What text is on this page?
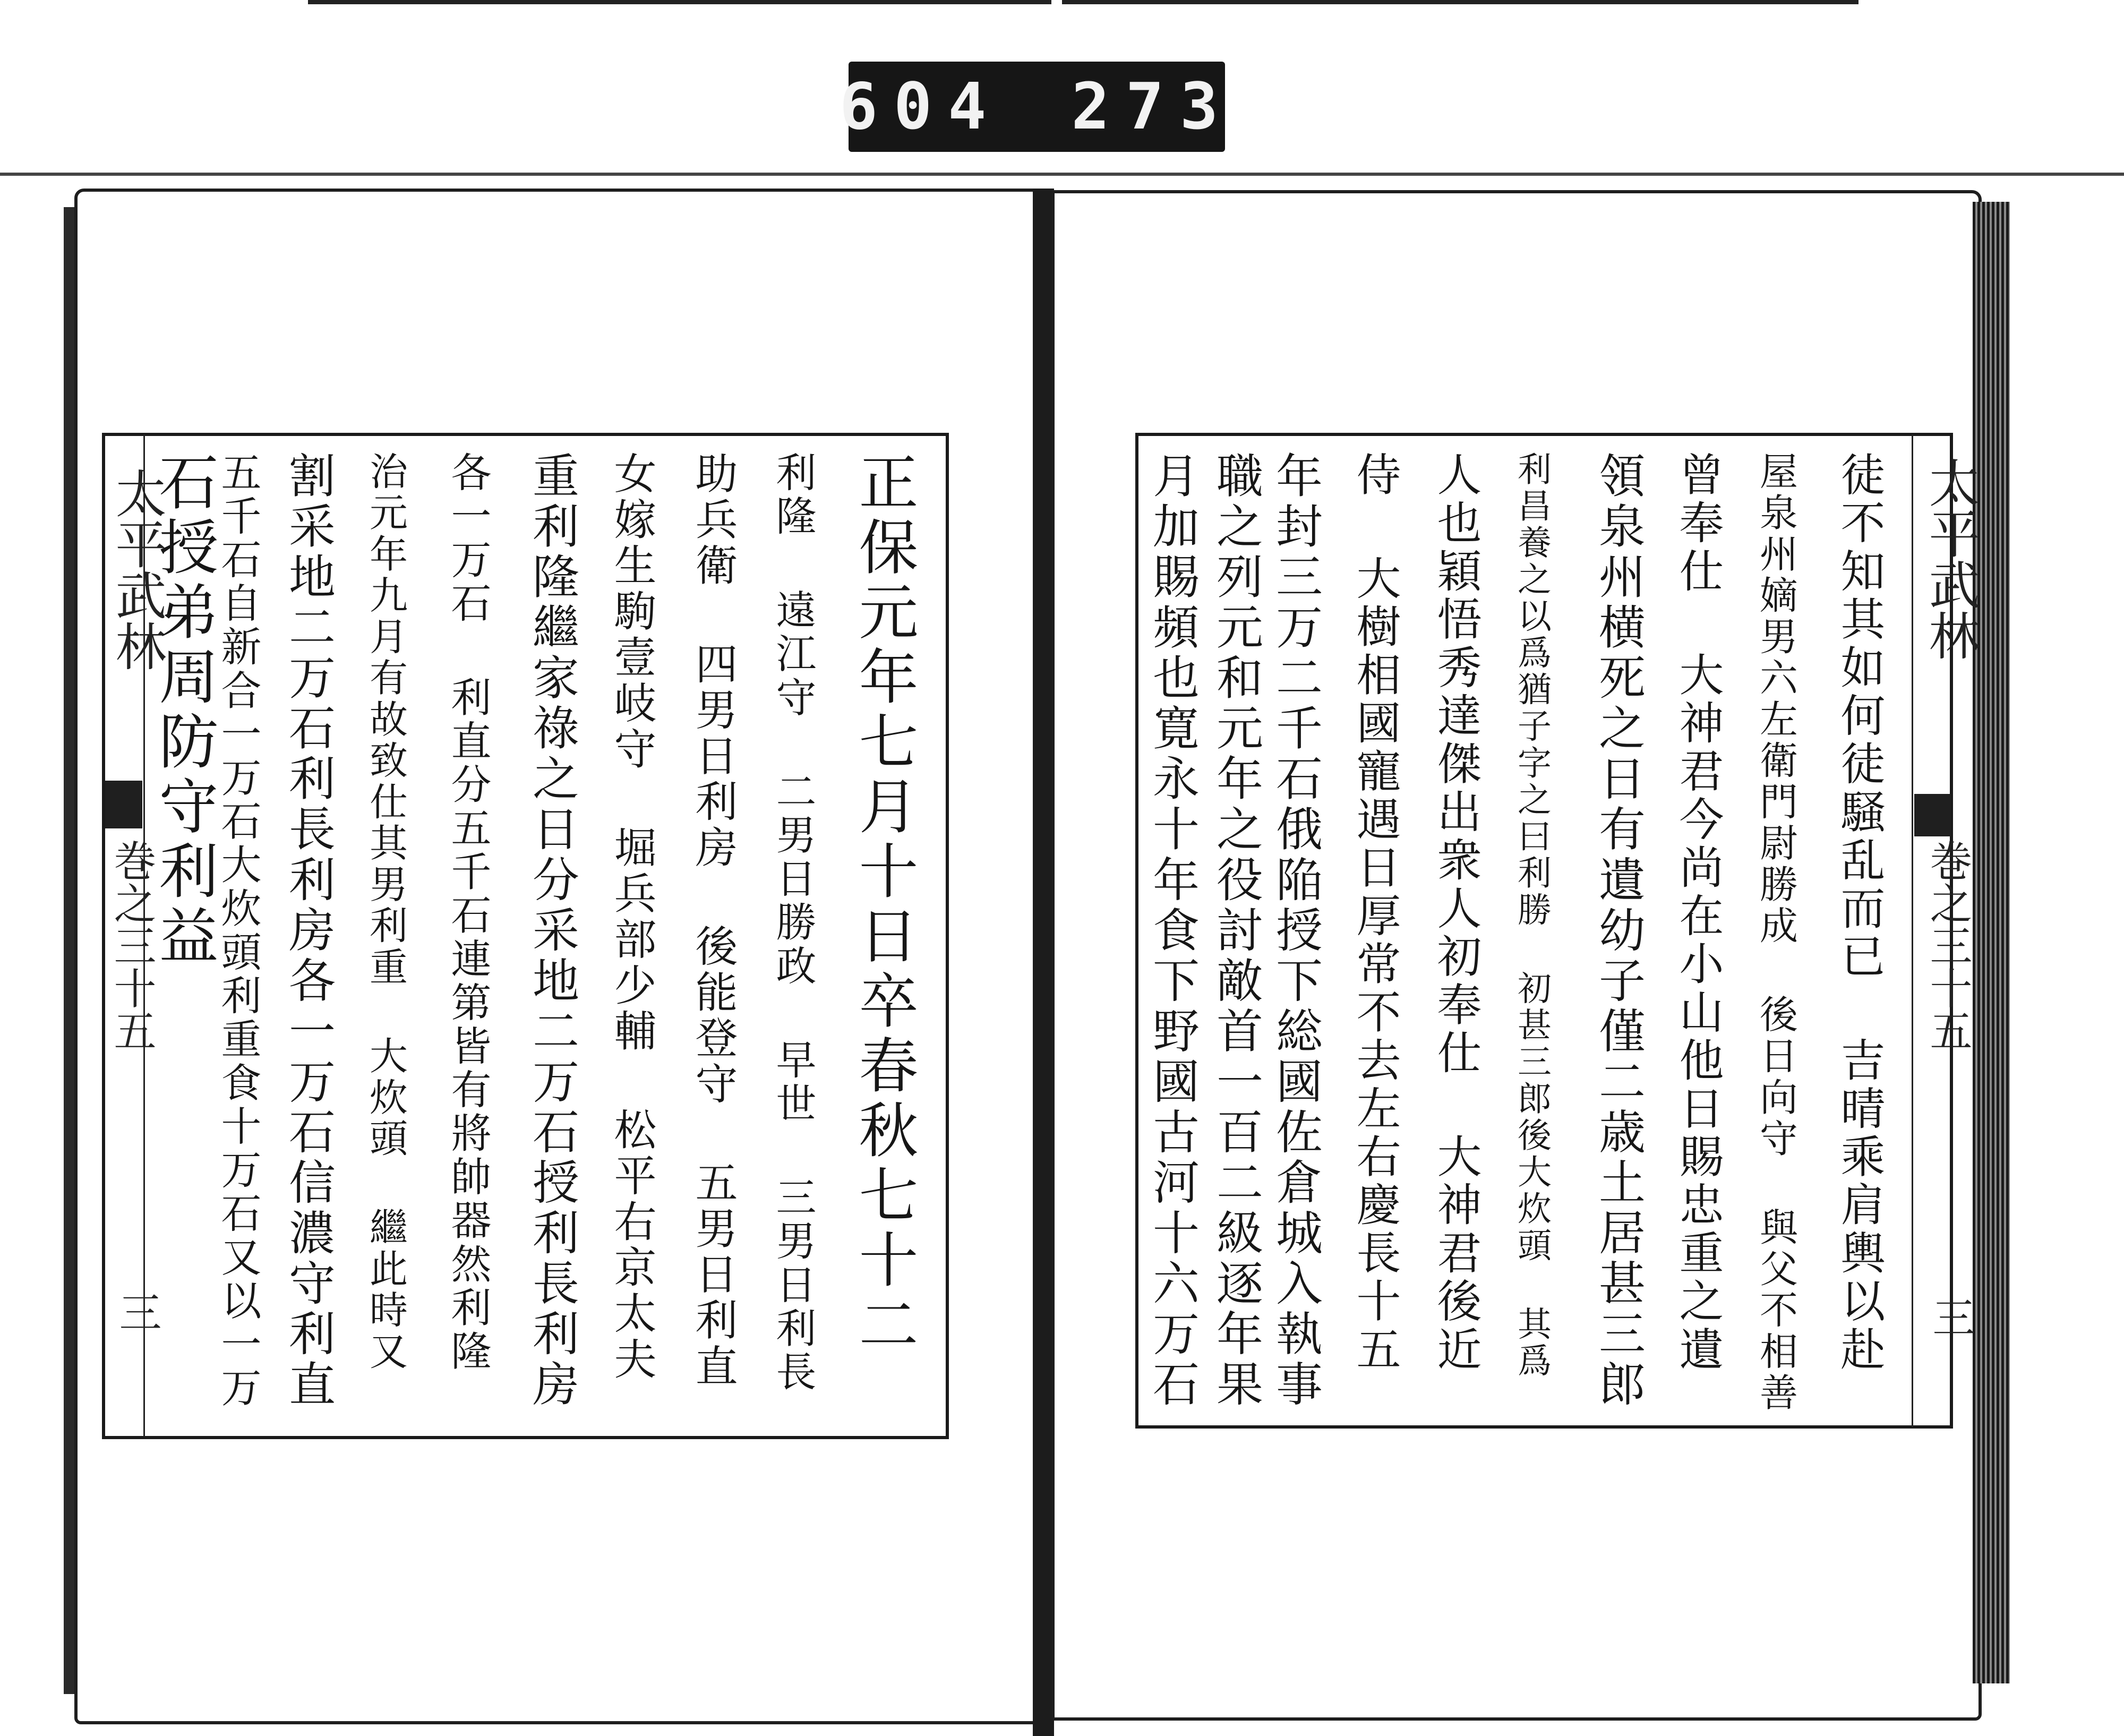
604 273
太平武林
巻之三十五
三	正保元年七月十日卒春秋七十二
利隆 遠江守 二男日勝政 早世 三男日利長
助兵衛 四男日利房 後能登守 五男日利直
女嫁生駒壹岐守 堀兵部少輔 松平右京太夫
重利隆繼家祿之日分采地二万石授利長利房
各一万石 利直分五千石連第皆有將帥器然利隆
治元年九月有故致仕其男利重 大炊頭 繼此時又
割采地二万石利長利房各一万石信濃守利直
五千石自新合一万石大炊頭利重食十万石又以一万
石授弟周防守利益	太平武林
巻之三十五
三
徒不知其如何徒騒乱而已 吉晴乘肩輿以赴
屋泉州嫡男六左衛門尉勝成 後日向守 與父不相善
曾奉仕 大神君今尚在小山他日賜忠重之遺
領泉州横死之日有遺幼子僅二歳土居甚三郎
利昌養之以爲猶子字之曰利勝 初甚三郎後大炊頭 其爲
人也穎悟秀達傑出衆人初奉仕 大神君後近
侍 大樹相國寵遇日厚常不去左右慶長十五
年封三万二千石俄陥授下総國佐倉城入執事
職之列元和元年之役討敵首一百二級逐年果
月加賜頻也寛永十年食下野國古河十六万石
